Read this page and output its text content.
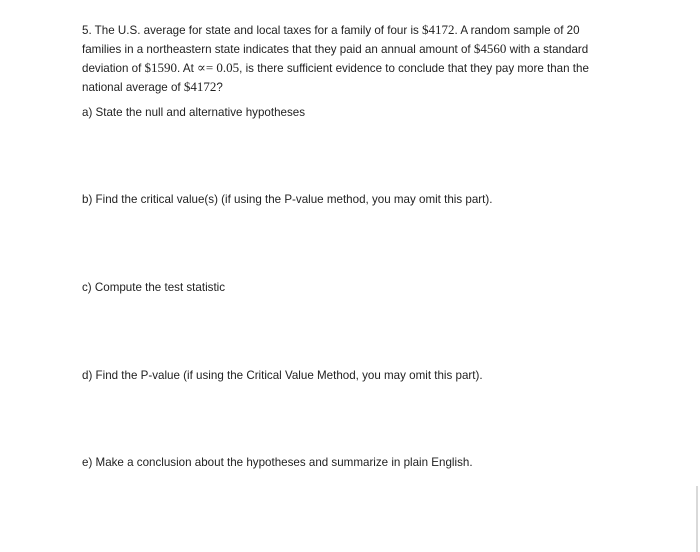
5. The U.S. average for state and local taxes for a family of four is $4172. A random sample of 20
families in a northeastern state indicates that they paid an annual amount of $4560 with a standard
deviation of $1590. At ∝= 0.05, is there sufficient evidence to conclude that they pay more than the
national average of $4172?

a) State the null and alternative hypotheses

b) Find the critical value(s) (if using the P-value method, you may omit this part).

c) Compute the test statistic

d) Find the P-value (if using the Critical Value Method, you may omit this part).

e) Make a conclusion about the hypotheses and summarize in plain English.
